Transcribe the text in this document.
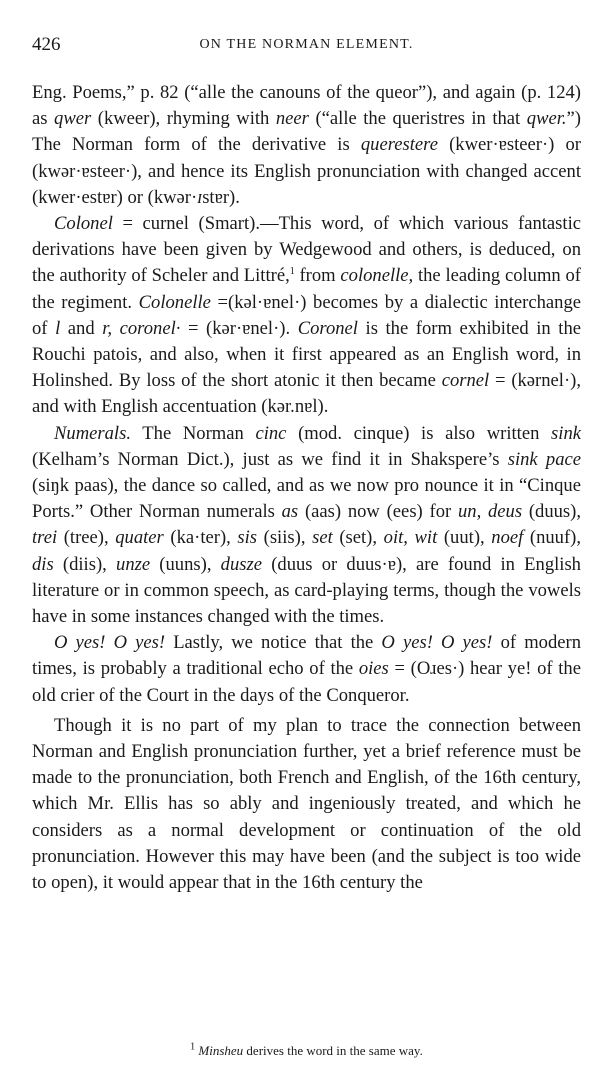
426	ON THE NORMAN ELEMENT.

Eng. Poems,” p. 82 (“alle the canouns of the queor”), and again (p. 124) as qwer (kweer), rhyming with neer (“alle the queristres in that qwer.”) The Norman form of the derivative is querestere (kwer·ɐsteer·) or (kwər·ɐsteer·), and hence its English pronunciation with changed accent (kwer·estɐr) or (kwər·ɪstɐr).

Colonel = curnel (Smart).—This word, of which various fantastic derivations have been given by Wedgewood and others, is deduced, on the authority of Scheler and Littré,$^1$ from colonelle, the leading column of the regiment. Colonelle =(kəl·ɐnel·) becomes by a dialectic interchange of l and r, coronel· = (kər·ɐnel·). Coronel is the form exhibited in the Rouchi patois, and also, when it first appeared as an English word, in Holinshed. By loss of the short atonic it then became cornel = (kərnel·), and with English accentuation (kər.nɐl).

Numerals. The Norman cinc (mod. cinque) is also written sink (Kelham’s Norman Dict.), just as we find it in Shakspere’s sink pace (siŋk paas), the dance so called, and as we now pro nounce it in “Cinque Ports.” Other Norman numerals as (aas) now (ees) for un, deus (duus), trei (tree), quater (ka·ter), sis (siis), set (set), oit, wit (uut), noef (nuuf), dis (diis), unze (uuns), dusze (duus or duus·ɐ), are found in English literature or in common speech, as card-playing terms, though the vowels have in some instances changed with the times.

O yes! O yes! Lastly, we notice that the O yes! O yes! of modern times, is probably a traditional echo of the oies = (Oɹes·) hear ye! of the old crier of the Court in the days of the Conqueror.

Though it is no part of my plan to trace the connection between Norman and English pronunciation further, yet a brief reference must be made to the pronunciation, both French and English, of the 16th century, which Mr. Ellis has so ably and ingeniously treated, and which he considers as a normal development or continuation of the old pronunciation. However this may have been (and the subject is too wide to open), it would appear that in the 16th century the

$^1$ Minsheu derives the word in the same way.
